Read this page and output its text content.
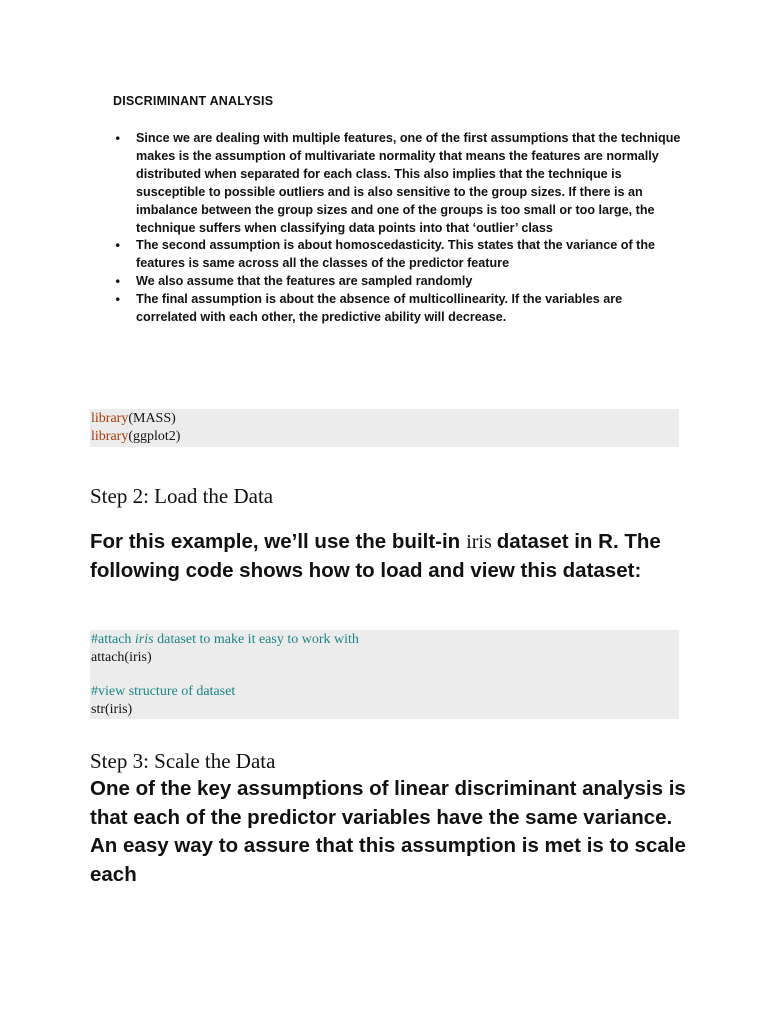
DISCRIMINANT ANALYSIS
• Since we are dealing with multiple features, one of the first assumptions that the technique makes is the assumption of multivariate normality that means the features are normally distributed when separated for each class. This also implies that the technique is susceptible to possible outliers and is also sensitive to the group sizes. If there is an imbalance between the group sizes and one of the groups is too small or too large, the technique suffers when classifying data points into that ‘outlier’ class
• The second assumption is about homoscedasticity. This states that the variance of the features is same across all the classes of the predictor feature
• We also assume that the features are sampled randomly
• The final assumption is about the absence of multicollinearity. If the variables are correlated with each other, the predictive ability will decrease.
library(MASS)
library(ggplot2)
Step 2: Load the Data

For this example, we’ll use the built-in iris dataset in R. The following code shows how to load and view this dataset:

#attach iris dataset to make it easy to work with
attach(iris)
#view structure of dataset
str(iris)
Step 3: Scale the Data

One of the key assumptions of linear discriminant analysis is that each of the predictor variables have the same variance. An easy way to assure that this assumption is met is to scale each
